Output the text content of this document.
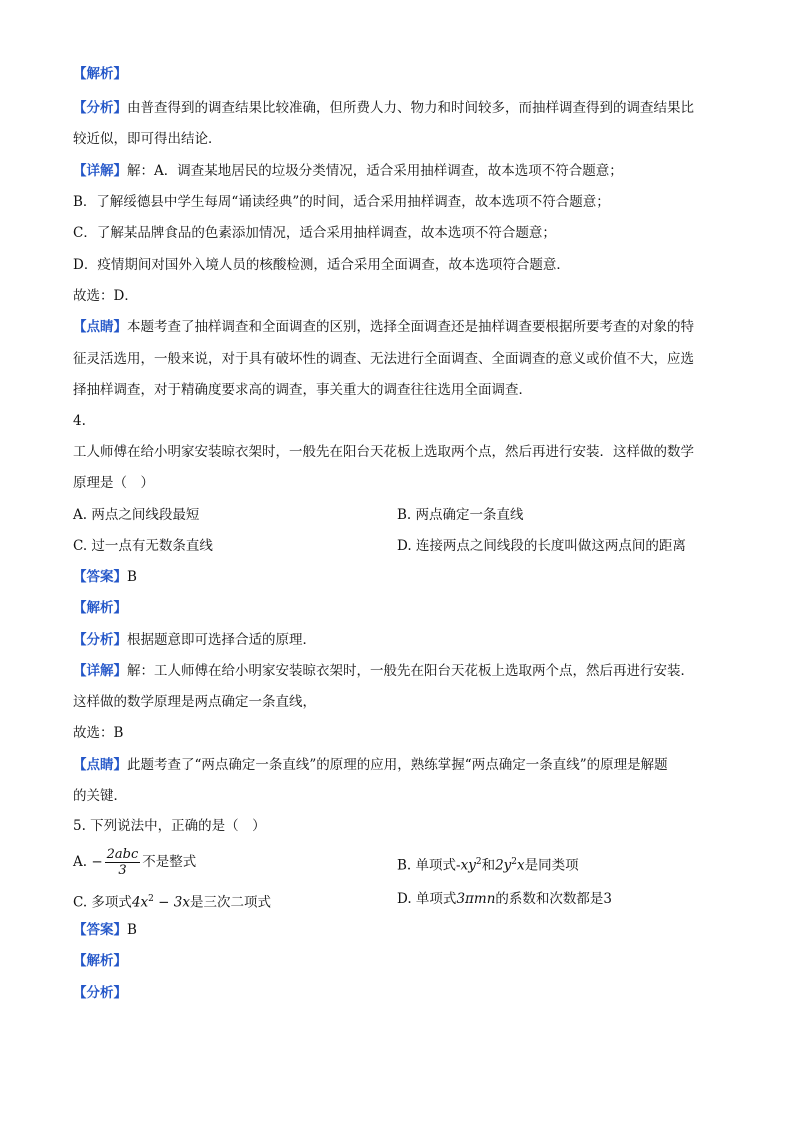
【解析】
【分析】由普查得到的调查结果比较准确，但所费人力、物力和时间较多，而抽样调查得到的调查结果比
较近似，即可得出结论．
【详解】解：A．调查某地居民的垃圾分类情况，适合采用抽样调查，故本选项不符合题意；
B．了解绥德县中学生每周“诵读经典”的时间，适合采用抽样调查，故本选项不符合题意；
C．了解某品牌食品的色素添加情况，适合采用抽样调查，故本选项不符合题意；
D．疫情期间对国外入境人员的核酸检测，适合采用全面调查，故本选项符合题意．
故选：D．
【点睛】本题考查了抽样调查和全面调查的区别，选择全面调查还是抽样调查要根据所要考查的对象的特
征灵活选用，一般来说，对于具有破坏性的调查、无法进行全面调查、全面调查的意义或价值不大，应选
择抽样调查，对于精确度要求高的调查，事关重大的调查往往选用全面调查．
4.
工人师傅在给小明家安装晾衣架时，一般先在阳台天花板上选取两个点，然后再进行安装．这样做的数学
原理是（　）
A. 两点之间线段最短	B. 两点确定一条直线
C. 过一点有无数条直线	D. 连接两点之间线段的长度叫做这两点间的距离
【答案】B
【解析】
【分析】根据题意即可选择合适的原理．
【详解】解：工人师傅在给小明家安装晾衣架时，一般先在阳台天花板上选取两个点，然后再进行安装．
这样做的数学原理是两点确定一条直线，
故选：B
【点睛】此题考查了“两点确定一条直线”的原理的应用，熟练掌握“两点确定一条直线”的原理是解题
的关键．
5. 下列说法中，正确的是（　）
A. − $\frac{\text{2abc}}{3}$ 不是整式	B. 单项式$-xy^2$和$2y^2x$是同类项
C. 多项式$4x^2 - 3x$是三次二项式	D. 单项式3πmn的系数和次数都是3
【答案】B
【解析】
【分析】
